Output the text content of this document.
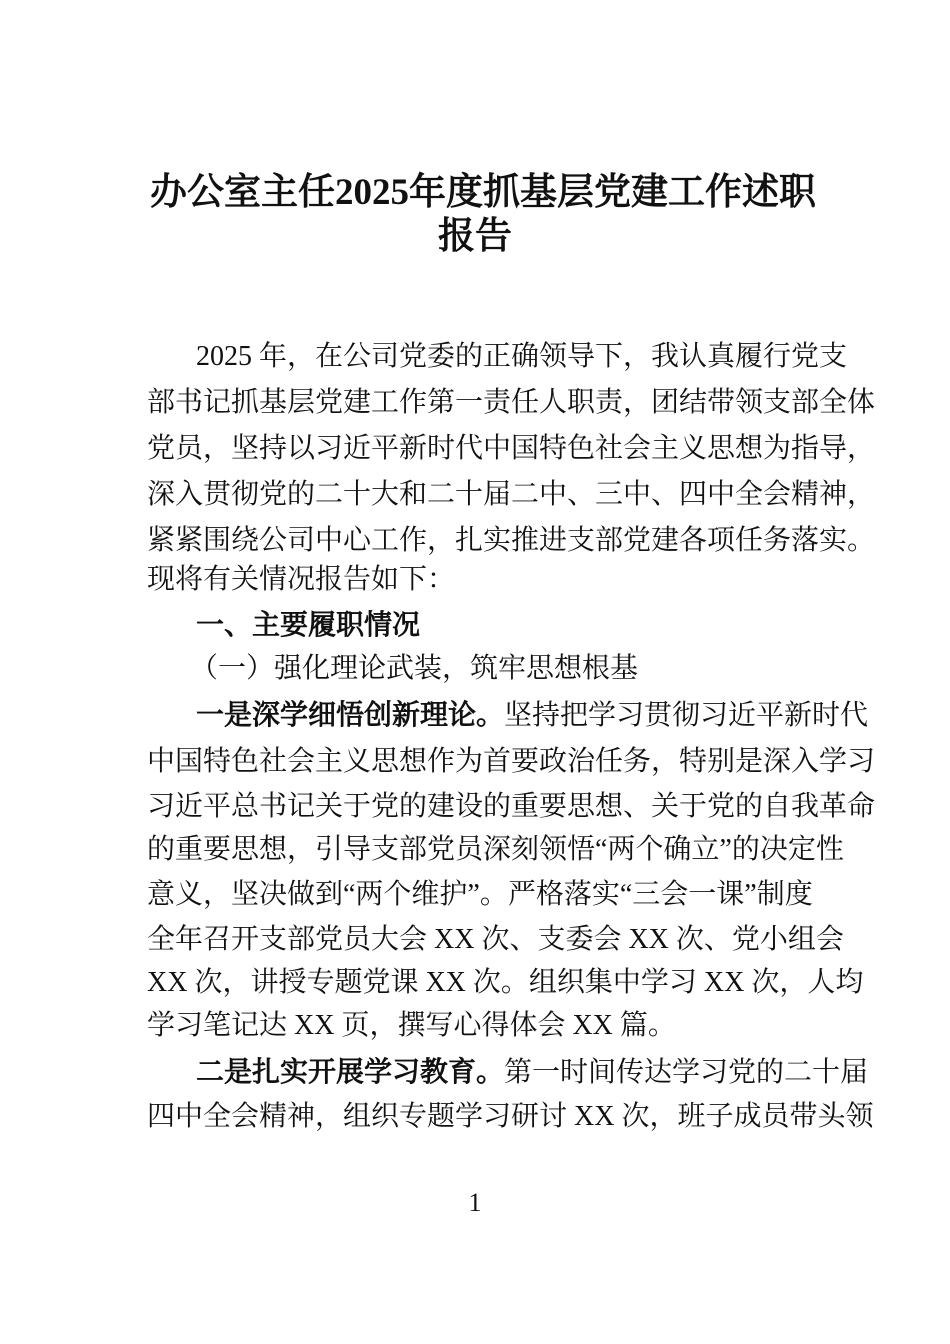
办公室主任2025年度抓基层党建工作述职
报告
2025 年，在公司党委的正确领导下，我认真履行党支
部书记抓基层党建工作第一责任人职责，团结带领支部全体
党员，坚持以习近平新时代中国特色社会主义思想为指导，
深入贯彻党的二十大和二十届二中、三中、四中全会精神，
紧紧围绕公司中心工作，扎实推进支部党建各项任务落实。
现将有关情况报告如下：
一、主要履职情况
（一）强化理论武装，筑牢思想根基
一是深学细悟创新理论。坚持把学习贯彻习近平新时代
中国特色社会主义思想作为首要政治任务，特别是深入学习
习近平总书记关于党的建设的重要思想、关于党的自我革命
的重要思想，引导支部党员深刻领悟“两个确立”的决定性
意义，坚决做到“两个维护”。严格落实“三会一课”制度
全年召开支部党员大会 XX 次、支委会 XX 次、党小组会
XX 次，讲授专题党课 XX 次。组织集中学习 XX 次，人均
学习笔记达 XX 页，撰写心得体会 XX 篇。
二是扎实开展学习教育。第一时间传达学习党的二十届
四中全会精神，组织专题学习研讨 XX 次，班子成员带头领
1
